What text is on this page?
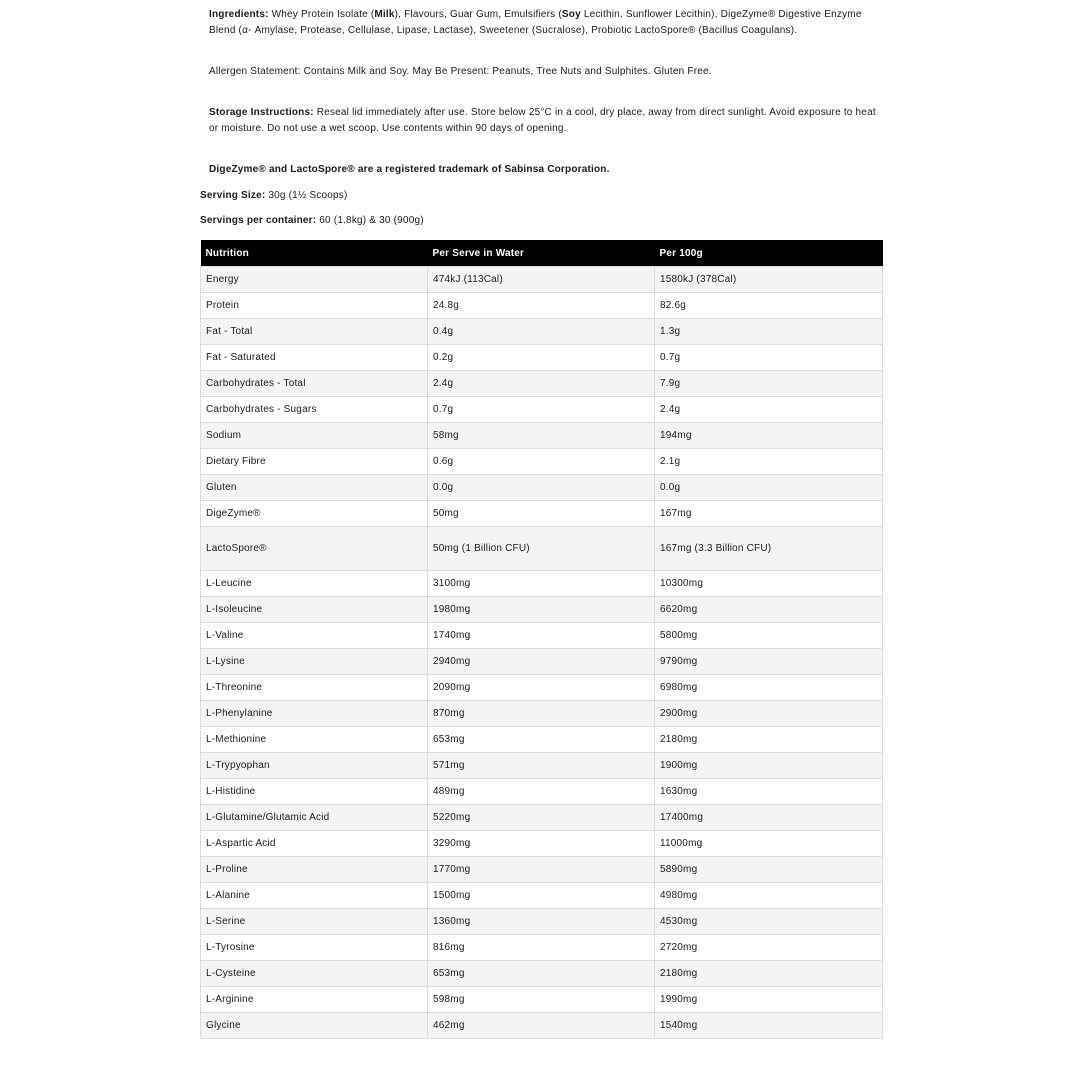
Ingredients: Whey Protein Isolate (Milk), Flavours, Guar Gum, Emulsifiers (Soy Lecithin, Sunflower Lecithin), DigeZyme® Digestive Enzyme Blend (α- Amylase, Protease, Cellulase, Lipase, Lactase), Sweetener (Sucralose), Probiotic LactoSpore® (Bacillus Coagulans).

Allergen Statement: Contains Milk and Soy. May Be Present: Peanuts, Tree Nuts and Sulphites. Gluten Free.

Storage Instructions: Reseal lid immediately after use. Store below 25°C in a cool, dry place, away from direct sunlight. Avoid exposure to heat or moisture. Do not use a wet scoop. Use contents within 90 days of opening.

DigeZyme® and LactoSpore® are a registered trademark of Sabinsa Corporation.

Serving Size: 30g (1½ Scoops)
Servings per container: 60 (1.8kg) & 30 (900g)
Nutrition	Per Serve in Water	Per 100g
Energy	474kJ (113Cal)	1580kJ (378Cal)
Protein	24.8g	82.6g
Fat - Total	0.4g	1.3g
Fat - Saturated	0.2g	0.7g
Carbohydrates - Total	2.4g	7.9g
Carbohydrates - Sugars	0.7g	2.4g
Sodium	58mg	194mg
Dietary Fibre	0.6g	2.1g
Gluten	0.0g	0.0g
DigeZyme®	50mg	167mg
LactoSpore®	50mg (1 Billion CFU)	167mg (3.3 Billion CFU)
L-Leucine	3100mg	10300mg
L-Isoleucine	1980mg	6620mg
L-Valine	1740mg	5800mg
L-Lysine	2940mg	9790mg
L-Threonine	2090mg	6980mg
L-Phenylanine	870mg	2900mg
L-Methionine	653mg	2180mg
L-Trypyophan	571mg	1900mg
L-Histidine	489mg	1630mg
L-Glutamine/Glutamic Acid	5220mg	17400mg
L-Aspartic Acid	3290mg	11000mg
L-Proline	1770mg	5890mg
L-Alanine	1500mg	4980mg
L-Serine	1360mg	4530mg
L-Tyrosine	816mg	2720mg
L-Cysteine	653mg	2180mg
L-Arginine	598mg	1990mg
Glycine	462mg	1540mg
